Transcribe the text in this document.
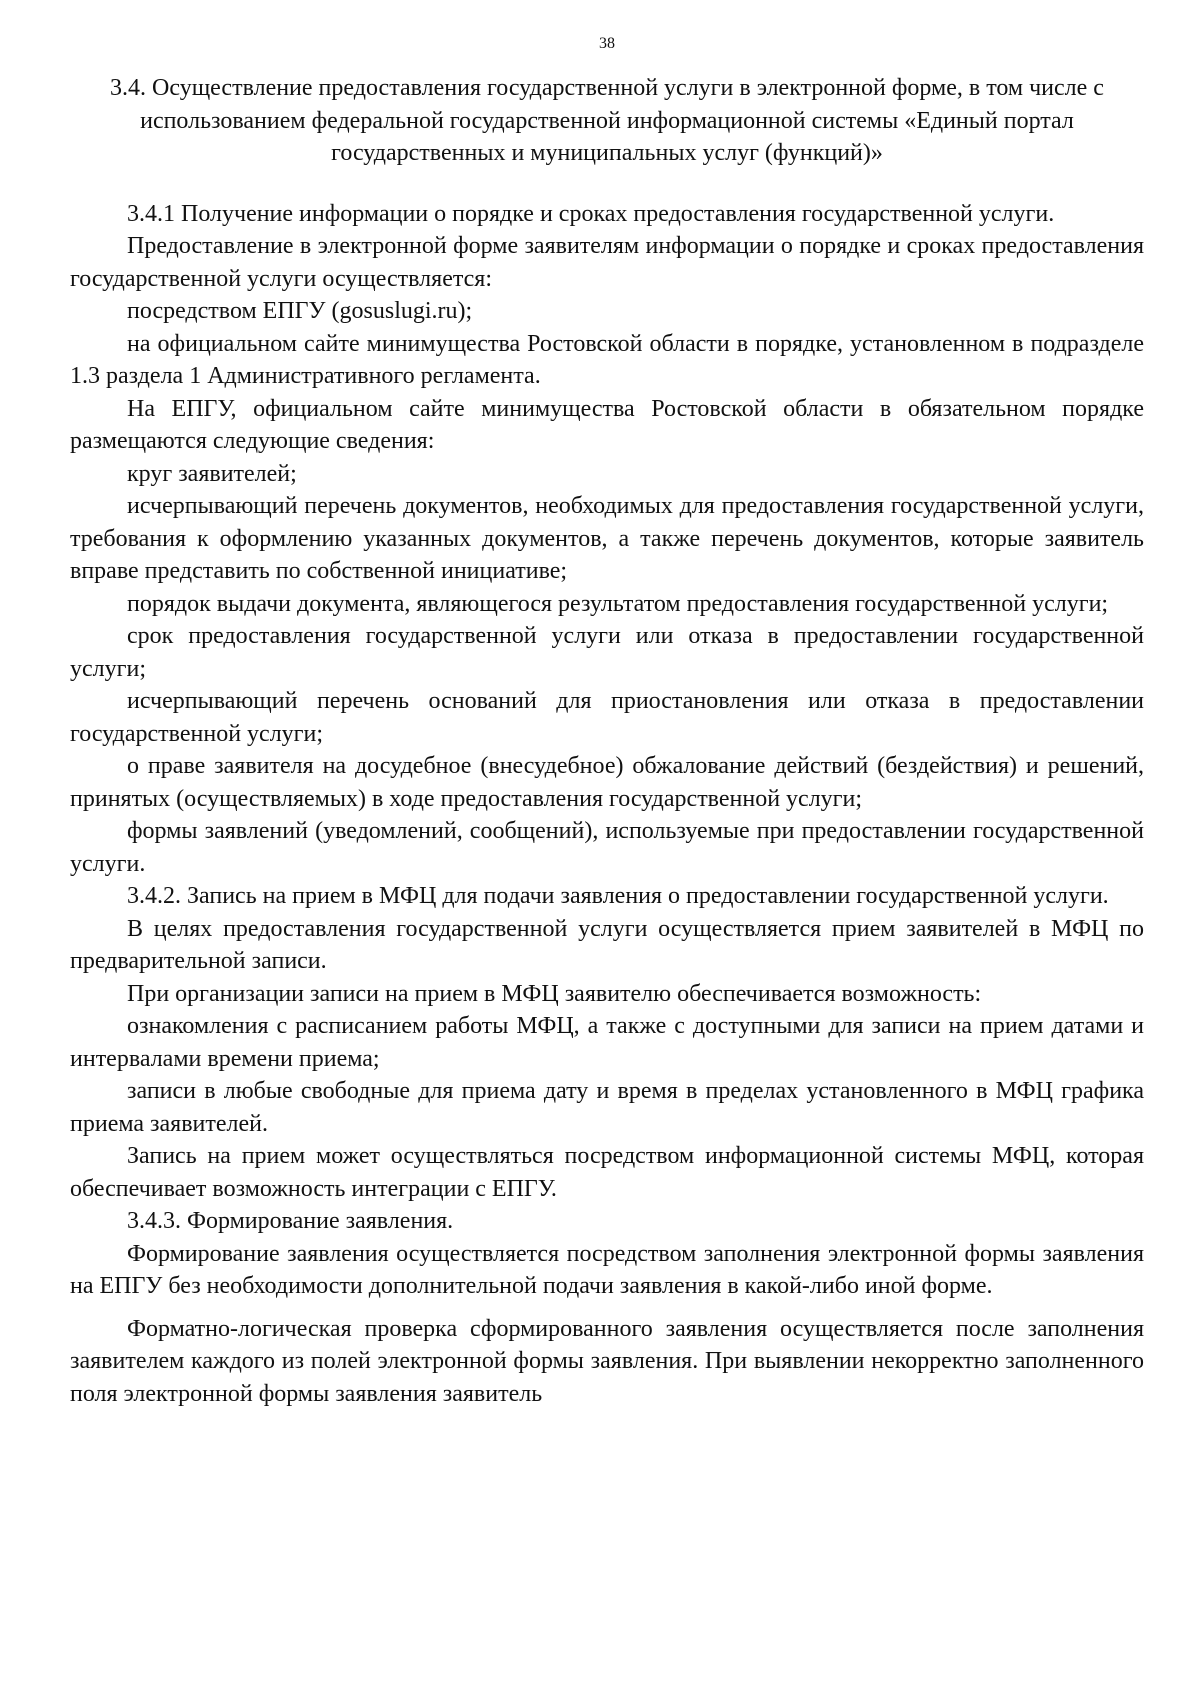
38
3.4. Осуществление предоставления государственной услуги в электронной форме, в том числе с использованием федеральной государственной информационной системы «Единый портал государственных и муниципальных услуг (функций)»

3.4.1 Получение информации о порядке и сроках предоставления государственной услуги.

Предоставление в электронной форме заявителям информации о порядке и сроках предоставления государственной услуги осуществляется:

посредством ЕПГУ (gosuslugi.ru);

на официальном сайте минимущества Ростовской области в порядке, установленном в подразделе 1.3 раздела 1 Административного регламента.

На ЕПГУ, официальном сайте минимущества Ростовской области в обязательном порядке размещаются следующие сведения:

круг заявителей;

исчерпывающий перечень документов, необходимых для предоставления государственной услуги, требования к оформлению указанных документов, а также перечень документов, которые заявитель вправе представить по собственной инициативе;

порядок выдачи документа, являющегося результатом предоставления государственной услуги;

срок предоставления государственной услуги или отказа в предоставлении государственной услуги;

исчерпывающий перечень оснований для приостановления или отказа в предоставлении государственной услуги;

о праве заявителя на досудебное (внесудебное) обжалование действий (бездействия) и решений, принятых (осуществляемых) в ходе предоставления государственной услуги;

формы заявлений (уведомлений, сообщений), используемые при предоставлении государственной услуги.

3.4.2. Запись на прием в МФЦ для подачи заявления о предоставлении государственной услуги.

В целях предоставления государственной услуги осуществляется прием заявителей в МФЦ по предварительной записи.

При организации записи на прием в МФЦ заявителю обеспечивается возможность:

ознакомления с расписанием работы МФЦ, а также с доступными для записи на прием датами и интервалами времени приема;

записи в любые свободные для приема дату и время в пределах установленного в МФЦ графика приема заявителей.

Запись на прием может осуществляться посредством информационной системы МФЦ, которая обеспечивает возможность интеграции с ЕПГУ.

3.4.3. Формирование заявления.

Формирование заявления осуществляется посредством заполнения электронной формы заявления на ЕПГУ без необходимости дополнительной подачи заявления в какой-либо иной форме.

Форматно-логическая проверка сформированного заявления осуществляется после заполнения заявителем каждого из полей электронной формы заявления. При выявлении некорректно заполненного поля электронной формы заявления заявитель
